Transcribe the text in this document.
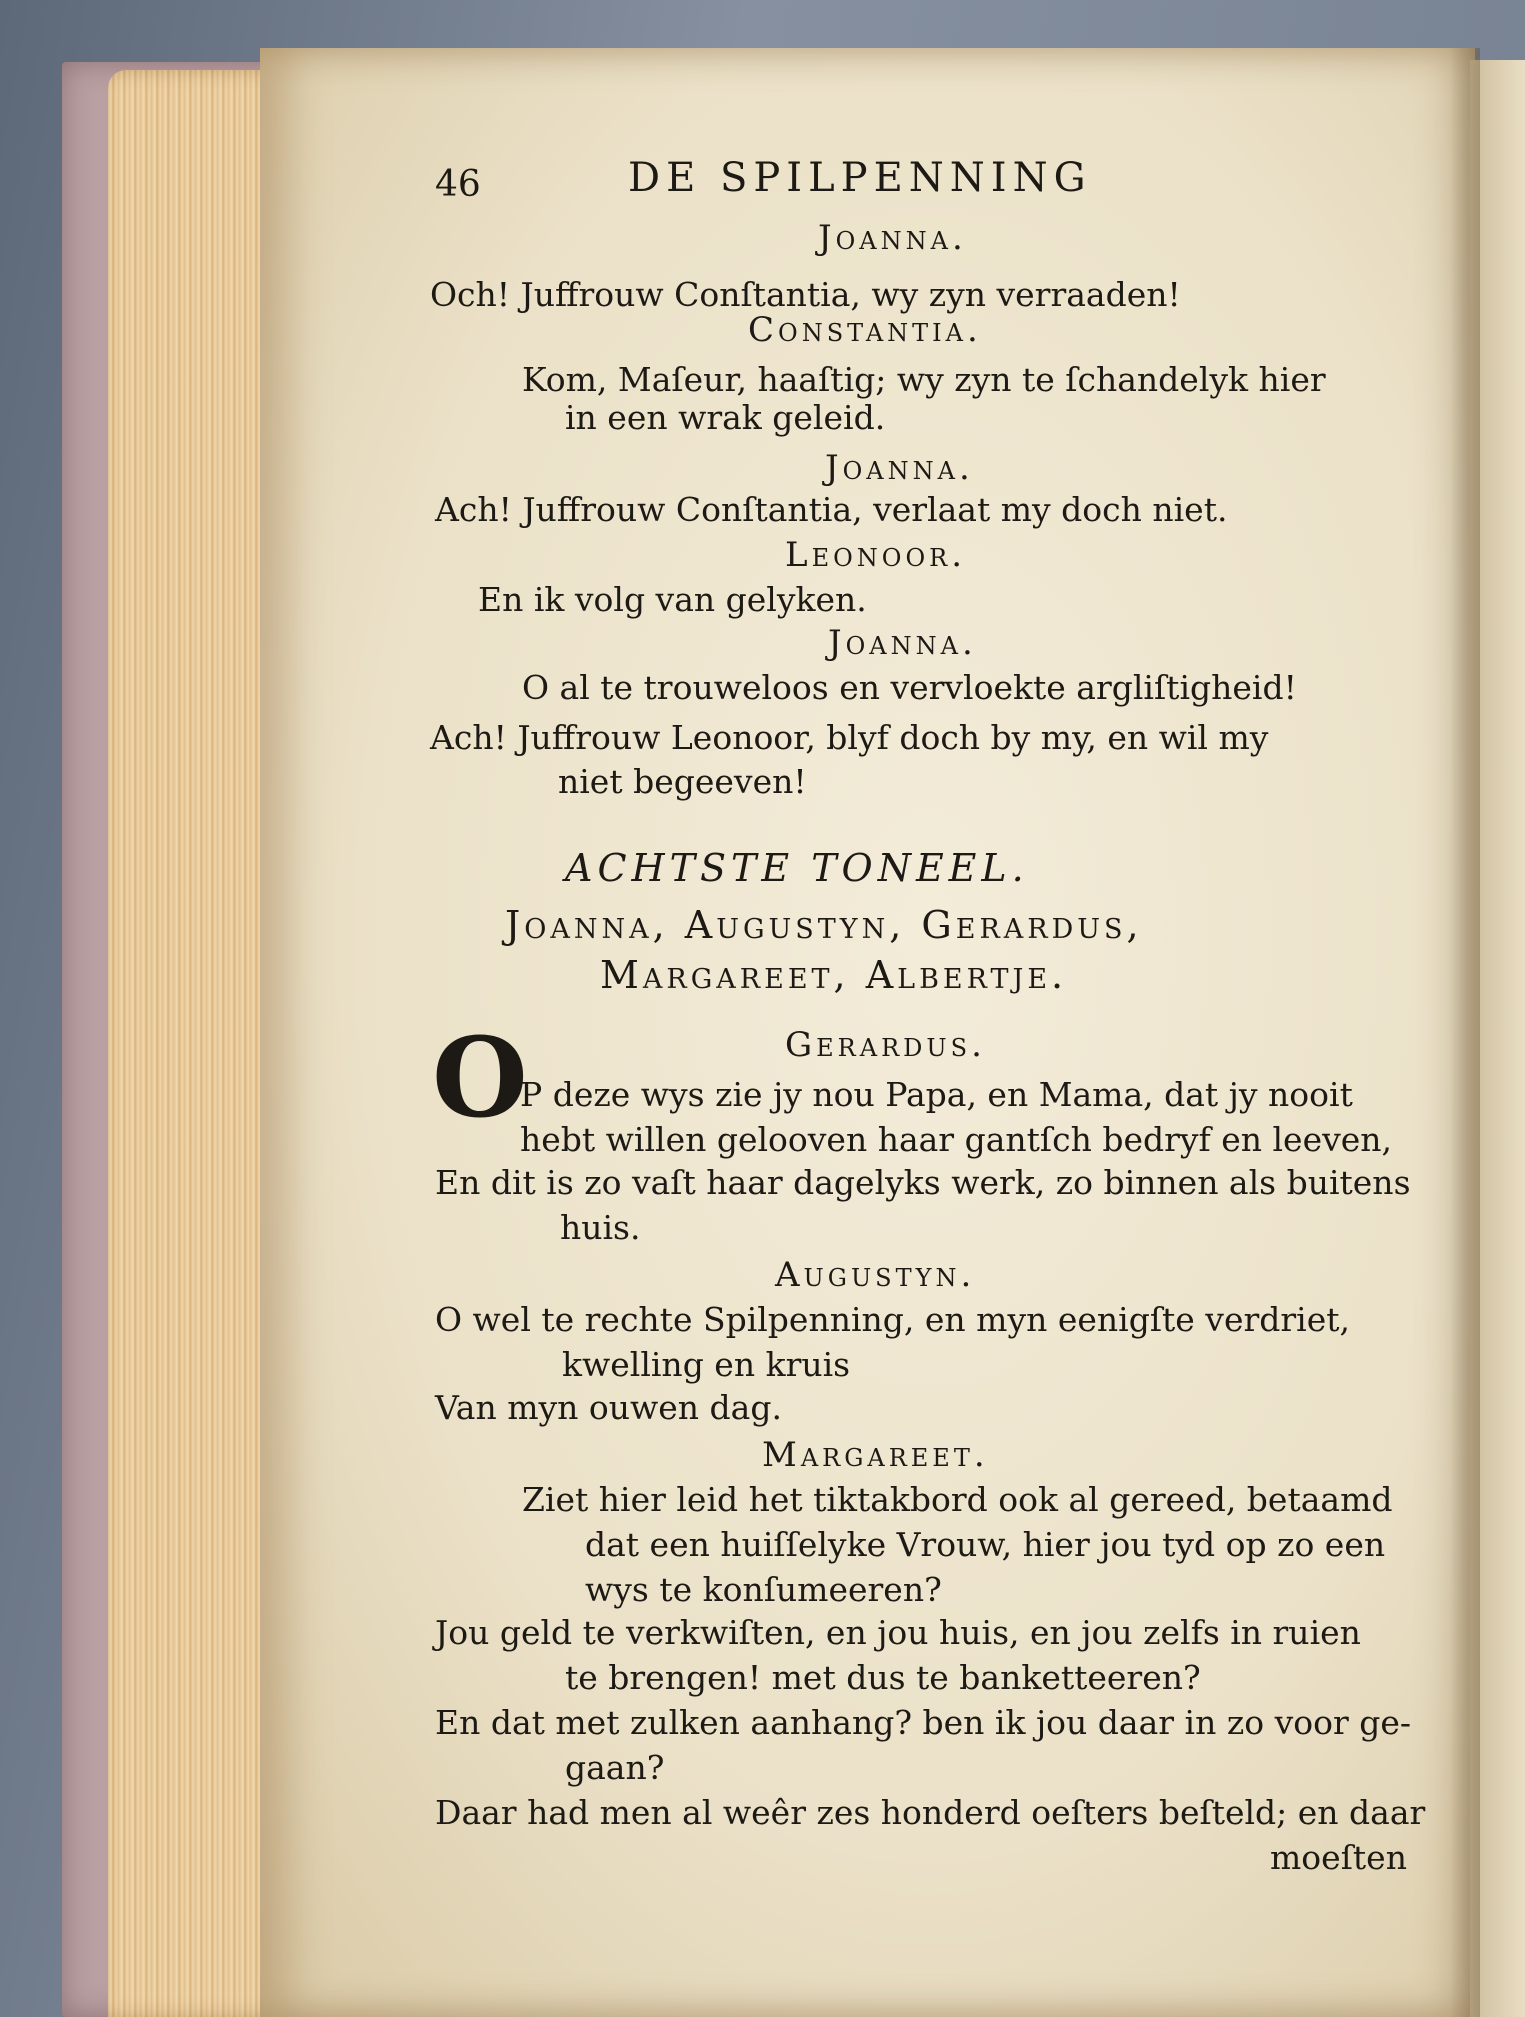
46	DE SPILPENNING
Joanna.
Och! Juffrouw Conſtantia, wy zyn verraaden!
Constantia.
Kom, Maſeur, haaſtig; wy zyn te ſchandelyk hier
in een wrak geleid.
Joanna.
Ach! Juffrouw Conſtantia, verlaat my doch niet.
Leonoor.
En ik volg van gelyken.
Joanna.
O al te trouweloos en vervloekte argliſtigheid!
Ach! Juffrouw Leonoor, blyf doch by my, en wil my
niet begeeven!
ACHTSTE TONEEL.
Joanna, Augustyn, Gerardus,
Margareet, Albertje.
O	Gerardus.
P deze wys zie jy nou Papa, en Mama, dat jy nooit
hebt willen gelooven haar gantſch bedryf en leeven,
En dit is zo vaſt haar dagelyks werk, zo binnen als buitens
huis.
Augustyn.
O wel te rechte Spilpenning, en myn eenigſte verdriet,
kwelling en kruis
Van myn ouwen dag.
Margareet.
Ziet hier leid het tiktakbord ook al gereed, betaamd
dat een huiſſelyke Vrouw, hier jou tyd op zo een
wys te konſumeeren?
Jou geld te verkwiſten, en jou huis, en jou zelfs in ruien
te brengen! met dus te banketteeren?
En dat met zulken aanhang? ben ik jou daar in zo voor ge-
gaan?
Daar had men al weêr zes honderd oeſters beſteld; en daar
moeſten
